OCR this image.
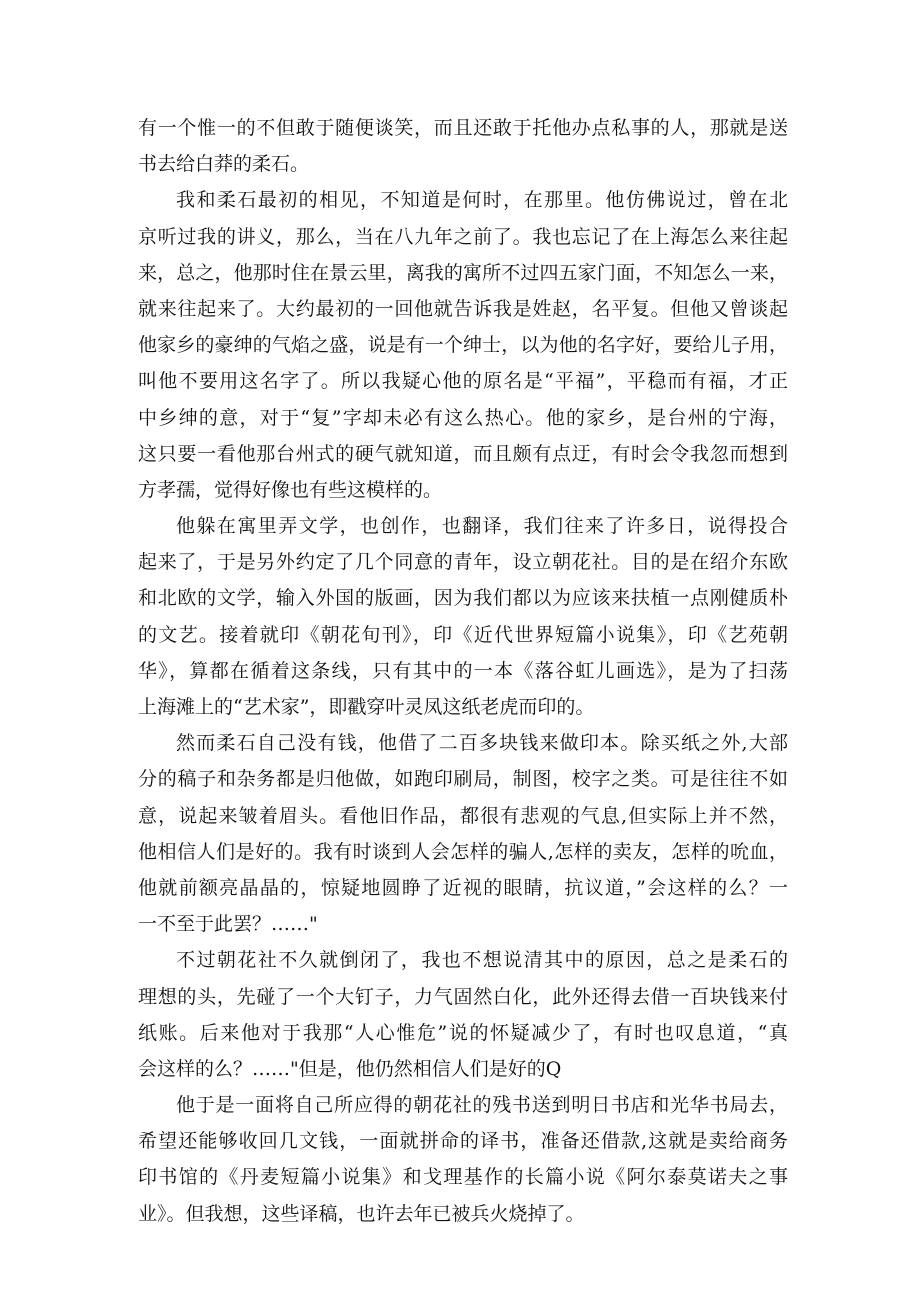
有一个惟一的不但敢于随便谈笑，而且还敢于托他办点私事的人，那就是送
书去给白莽的柔石。
我和柔石最初的相见，不知道是何时，在那里。他仿佛说过，曾在北
京听过我的讲义，那么，当在八九年之前了。我也忘记了在上海怎么来往起
来，总之，他那时住在景云里，离我的寓所不过四五家门面，不知怎么一来，
就来往起来了。大约最初的一回他就告诉我是姓赵，名平复。但他又曾谈起
他家乡的豪绅的气焰之盛，说是有一个绅士，以为他的名字好，要给儿子用，
叫他不要用这名字了。所以我疑心他的原名是“平福”，平稳而有福，才正
中乡绅的意，对于“复”字却未必有这么热心。他的家乡，是台州的宁海，
这只要一看他那台州式的硬气就知道，而且颇有点迂，有时会令我忽而想到
方孝孺，觉得好像也有些这模样的。
他躲在寓里弄文学，也创作，也翻译，我们往来了许多日，说得投合
起来了，于是另外约定了几个同意的青年，设立朝花社。目的是在绍介东欧
和北欧的文学，输入外国的版画，因为我们都以为应该来扶植一点刚健质朴
的文艺。接着就印《朝花旬刊》，印《近代世界短篇小说集》，印《艺苑朝
华》，算都在循着这条线，只有其中的一本《落谷虹儿画选》，是为了扫荡
上海滩上的“艺术家”，即戳穿叶灵凤这纸老虎而印的。
然而柔石自己没有钱，他借了二百多块钱来做印本。除买纸之外,大部
分的稿子和杂务都是归他做，如跑印刷局，制图，校字之类。可是往往不如
意，说起来皱着眉头。看他旧作品，都很有悲观的气息,但实际上并不然，
他相信人们是好的。我有时谈到人会怎样的骗人,怎样的卖友，怎样的吮血，
他就前额亮晶晶的，惊疑地圆睁了近视的眼睛，抗议道，”会这样的么？一
一不至于此罢？……"
不过朝花社不久就倒闭了，我也不想说清其中的原因，总之是柔石的
理想的头，先碰了一个大钉子，力气固然白化，此外还得去借一百块钱来付
纸账。后来他对于我那“人心惟危”说的怀疑减少了，有时也叹息道，“真
会这样的么？……"但是，他仍然相信人们是好的Q
他于是一面将自己所应得的朝花社的残书送到明日书店和光华书局去，
希望还能够收回几文钱，一面就拼命的译书，准备还借款,这就是卖给商务
印书馆的《丹麦短篇小说集》和戈理基作的长篇小说《阿尔泰莫诺夫之事
业》。但我想，这些译稿，也许去年已被兵火烧掉了。
